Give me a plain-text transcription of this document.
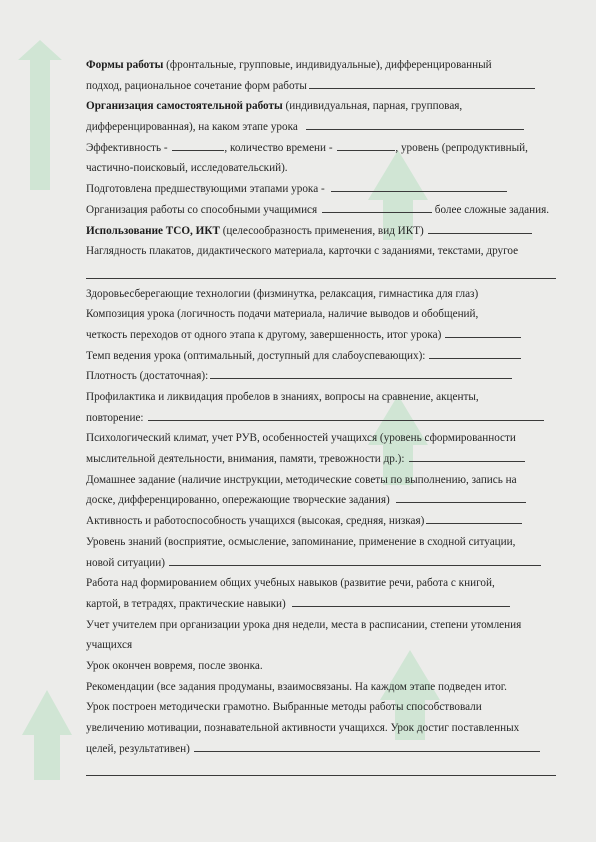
Формы работы (фронтальные, групповые, индивидуальные), дифференцированный
подход, рациональное сочетание форм работы
Организация самостоятельной работы (индивидуальная, парная, групповая,
дифференцированная), на каком этапе урока
Эффективность -	, количество времени -	, уровень (репродуктивный,
частично-поисковый, исследовательский).
Подготовлена предшествующими этапами урока -
Организация работы со способными учащимися	более сложные задания.
Использование ТСО, ИКТ (целесообразность применения, вид ИКТ)
Наглядность плакатов, дидактического материала, карточки с заданиями, текстами, другое
Здоровьесберегающие технологии (физминутка, релаксация, гимнастика для глаз)
Композиция урока (логичность подачи материала, наличие выводов и обобщений,
четкость переходов от одного этапа к другому, завершенность, итог урока)
Темп ведения урока (оптимальный, доступный для слабоуспевающих):
Плотность (достаточная):
Профилактика и ликвидация пробелов в знаниях, вопросы на сравнение, акценты,
повторение:
Психологический климат, учет РУВ, особенностей учащихся (уровень сформированности
мыслительной деятельности, внимания, памяти, тревожности др.):
Домашнее задание (наличие инструкции, методические советы по выполнению, запись на
доске, дифференцированно, опережающие творческие задания)
Активность и работоспособность учащихся (высокая, средняя, низкая)
Уровень знаний (восприятие, осмысление, запоминание, применение в сходной ситуации,
новой ситуации)
Работа над формированием общих учебных навыков (развитие речи, работа с книгой,
картой, в тетрадях, практические навыки)
Учет учителем при организации урока дня недели, места в расписании, степени утомления
учащихся
Урок окончен вовремя, после звонка.
Рекомендации (все задания продуманы, взаимосвязаны. На каждом этапе подведен итог.
Урок построен методически грамотно. Выбранные методы работы способствовали
увеличению мотивации, познавательной активности учащихся. Урок достиг поставленных
целей, результативен)
